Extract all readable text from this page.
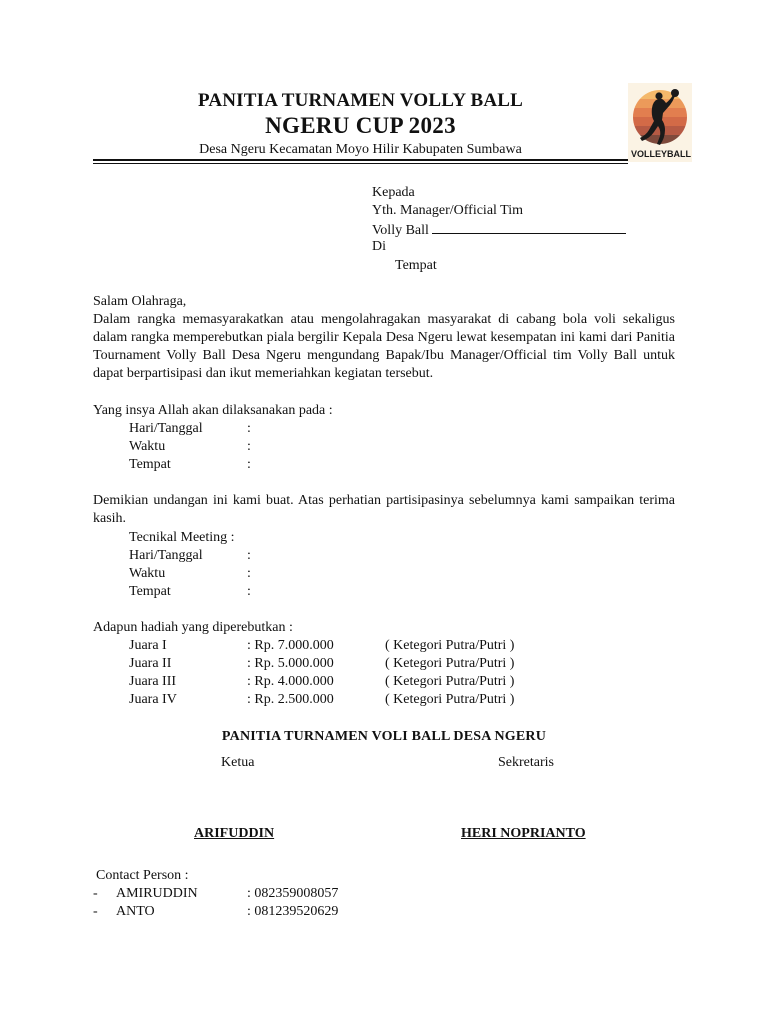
PANITIA TURNAMEN VOLLY BALL
NGERU CUP 2023
Desa Ngeru Kecamatan Moyo Hilir Kabupaten Sumbawa	VOLLEYBALL
Kepada
Yth. Manager/Official Tim
Volly Ball
Di
Tempat
Salam Olahraga,
Dalam rangka memasyarakatkan atau mengolahragakan masyarakat di cabang bola voli sekaligus dalam rangka memperebutkan piala bergilir Kepala Desa Ngeru lewat kesempatan ini kami dari Panitia Tournament Volly Ball Desa Ngeru mengundang Bapak/Ibu Manager/Official tim Volly Ball untuk dapat berpartisipasi dan ikut memeriahkan kegiatan tersebut.
Yang insya Allah akan dilaksanakan pada :
Hari/Tanggal	:
Waktu	:
Tempat	:
Demikian undangan ini kami buat. Atas perhatian partisipasinya sebelumnya kami sampaikan terima kasih.
Tecnikal Meeting :
Hari/Tanggal	:
Waktu	:
Tempat	:
Adapun hadiah yang diperebutkan :
Juara I	: Rp. 7.000.000	( Ketegori Putra/Putri )
Juara II	: Rp. 5.000.000	( Ketegori Putra/Putri )
Juara III	: Rp. 4.000.000	( Ketegori Putra/Putri )
Juara IV	: Rp. 2.500.000	( Ketegori Putra/Putri )
PANITIA TURNAMEN VOLI BALL DESA NGERU
Ketua	Sekretaris
ARIFUDDIN	HERI NOPRIANTO
Contact Person :
- AMIRUDDIN	: 082359008057
- ANTO	: 081239520629
